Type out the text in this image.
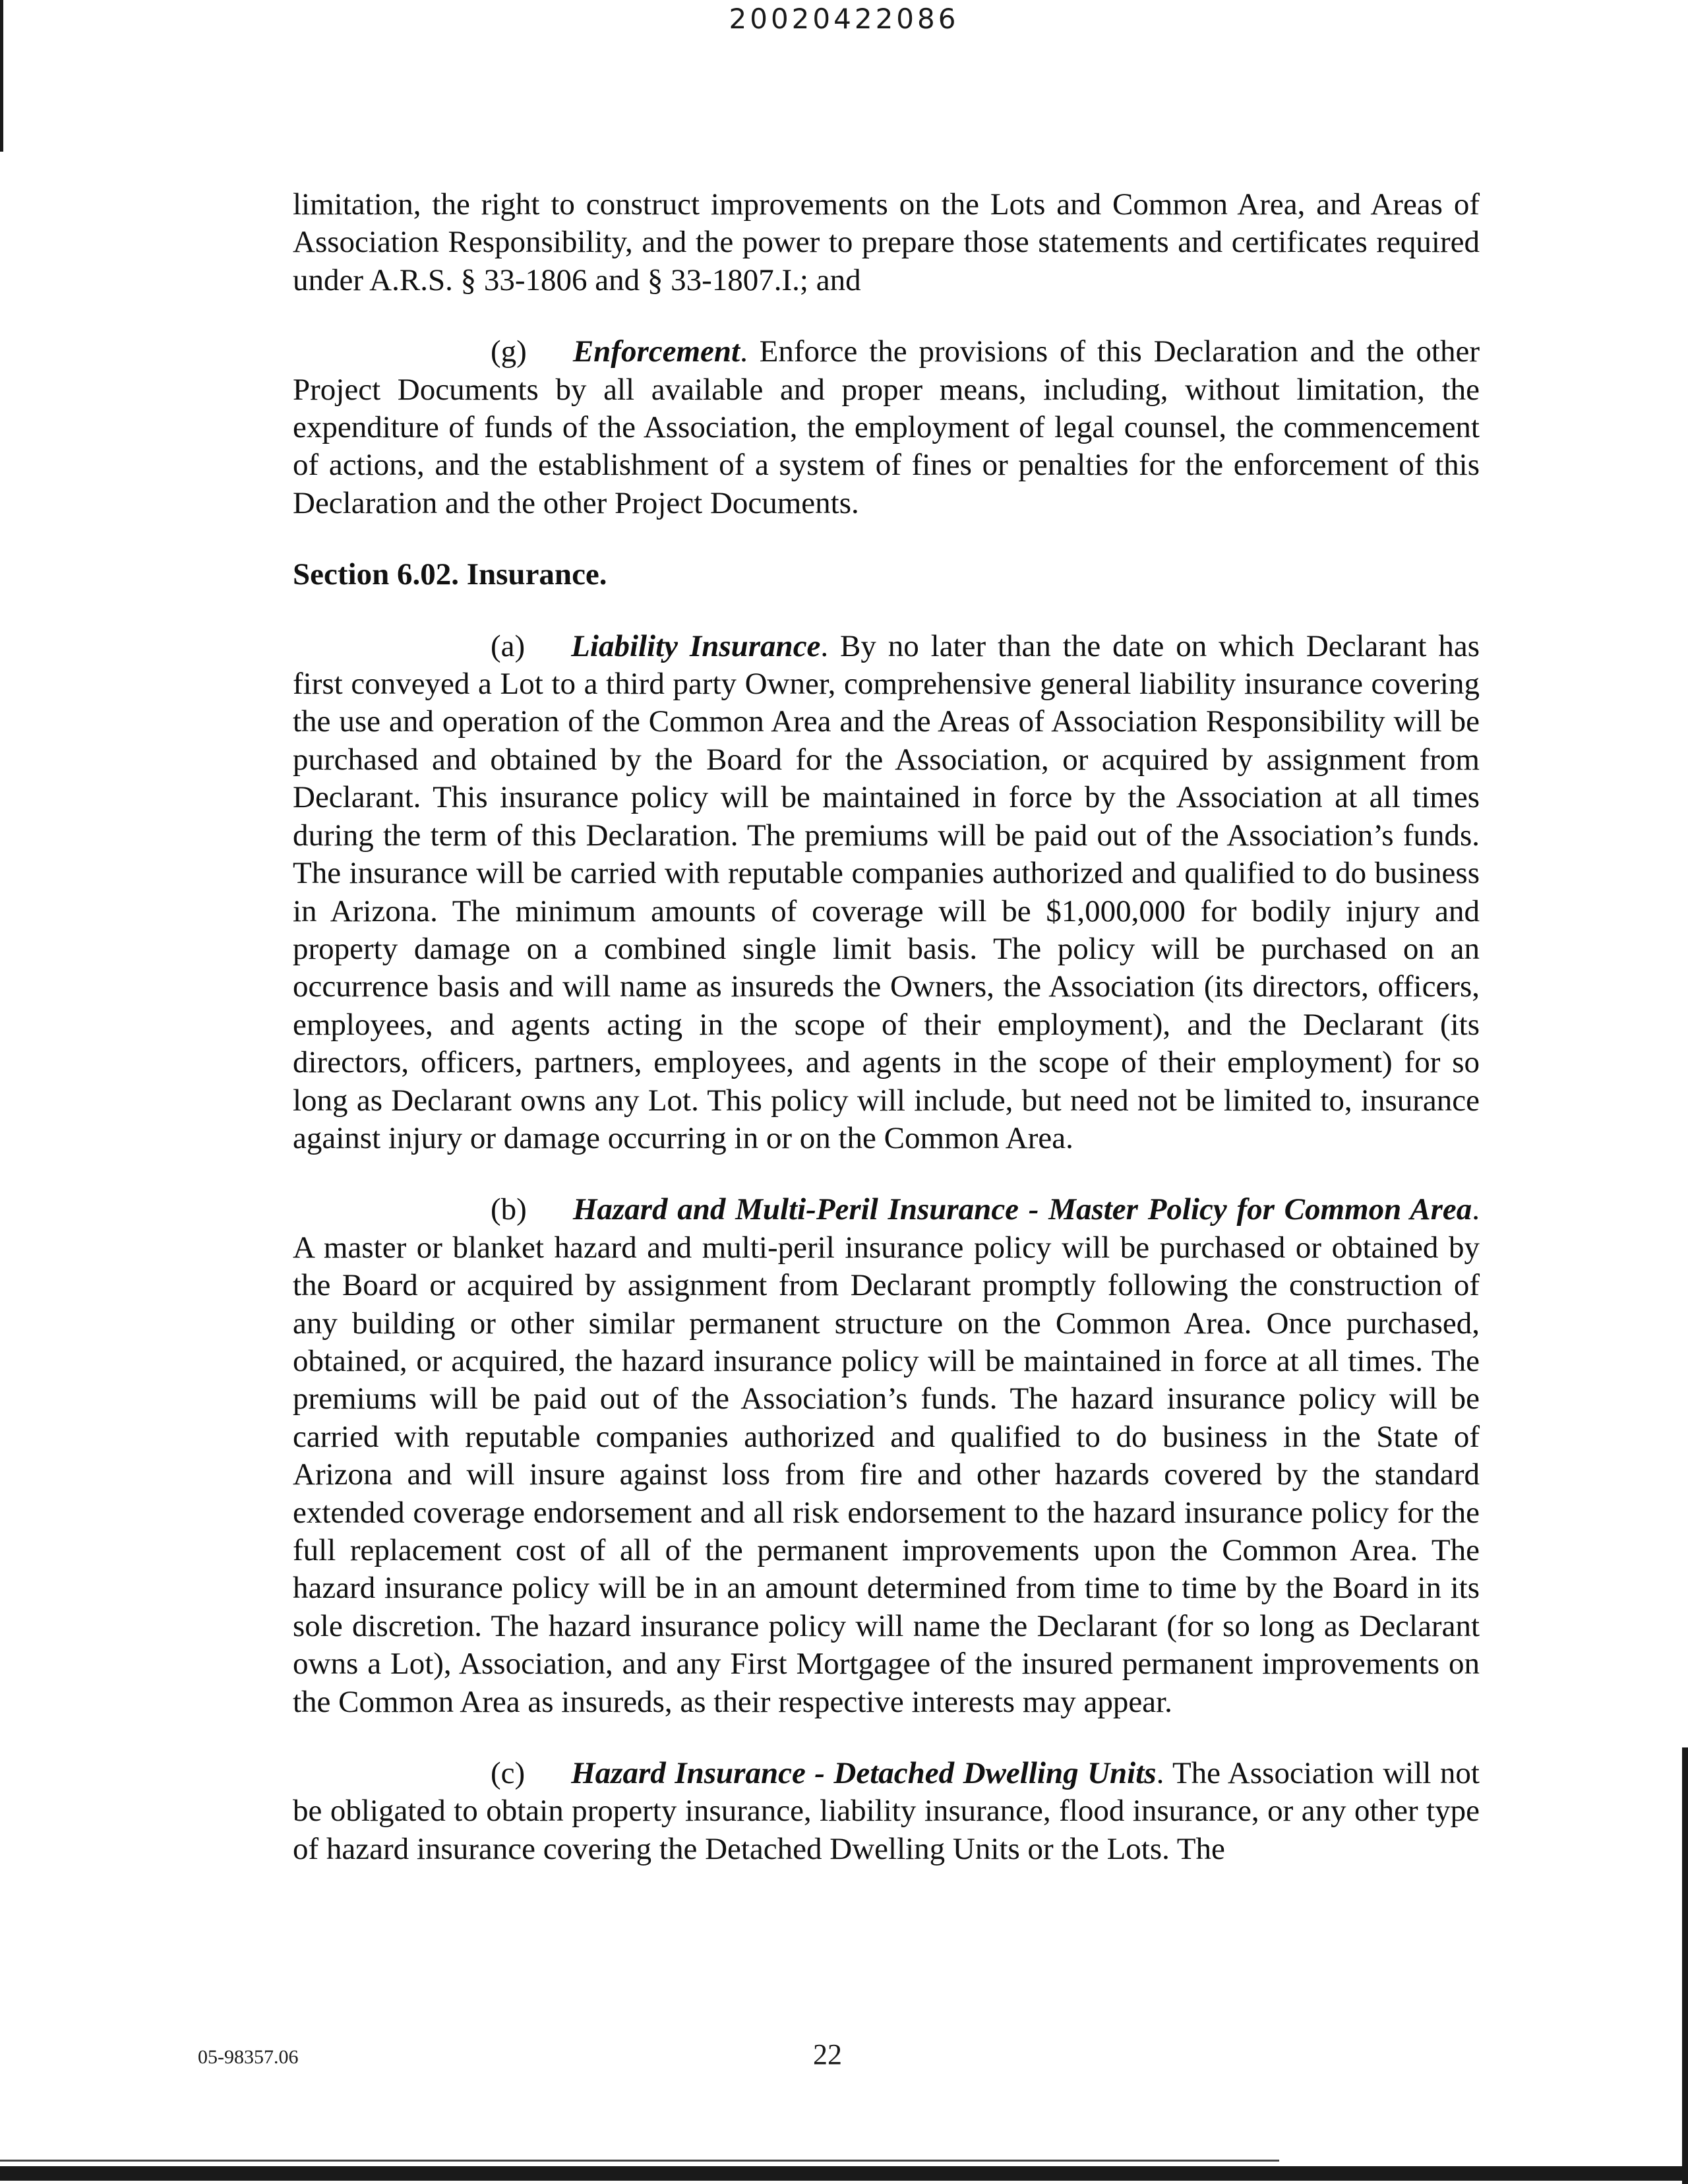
20020422086

limitation, the right to construct improvements on the Lots and Common Area, and Areas of Association Responsibility, and the power to prepare those statements and certificates required under A.R.S. § 33-1806 and § 33-1807.I.; and

(g) Enforcement. Enforce the provisions of this Declaration and the other Project Documents by all available and proper means, including, without limitation, the expenditure of funds of the Association, the employment of legal counsel, the commencement of actions, and the establishment of a system of fines or penalties for the enforcement of this Declaration and the other Project Documents.

Section 6.02. Insurance.

(a) Liability Insurance. By no later than the date on which Declarant has first conveyed a Lot to a third party Owner, comprehensive general liability insurance covering the use and operation of the Common Area and the Areas of Association Responsibility will be purchased and obtained by the Board for the Association, or acquired by assignment from Declarant. This insurance policy will be maintained in force by the Association at all times during the term of this Declaration. The premiums will be paid out of the Association’s funds. The insurance will be carried with reputable companies authorized and qualified to do business in Arizona. The minimum amounts of coverage will be $1,000,000 for bodily injury and property damage on a combined single limit basis. The policy will be purchased on an occurrence basis and will name as insureds the Owners, the Association (its directors, officers, employees, and agents acting in the scope of their employment), and the Declarant (its directors, officers, partners, employees, and agents in the scope of their employment) for so long as Declarant owns any Lot. This policy will include, but need not be limited to, insurance against injury or damage occurring in or on the Common Area.

(b) Hazard and Multi-Peril Insurance - Master Policy for Common Area. A master or blanket hazard and multi-peril insurance policy will be purchased or obtained by the Board or acquired by assignment from Declarant promptly following the construction of any building or other similar permanent structure on the Common Area. Once purchased, obtained, or acquired, the hazard insurance policy will be maintained in force at all times. The premiums will be paid out of the Association’s funds. The hazard insurance policy will be carried with reputable companies authorized and qualified to do business in the State of Arizona and will insure against loss from fire and other hazards covered by the standard extended coverage endorsement and all risk endorsement to the hazard insurance policy for the full replacement cost of all of the permanent improvements upon the Common Area. The hazard insurance policy will be in an amount determined from time to time by the Board in its sole discretion. The hazard insurance policy will name the Declarant (for so long as Declarant owns a Lot), Association, and any First Mortgagee of the insured permanent improvements on the Common Area as insureds, as their respective interests may appear.

(c) Hazard Insurance - Detached Dwelling Units. The Association will not be obligated to obtain property insurance, liability insurance, flood insurance, or any other type of hazard insurance covering the Detached Dwelling Units or the Lots. The

05-98357.06	22
